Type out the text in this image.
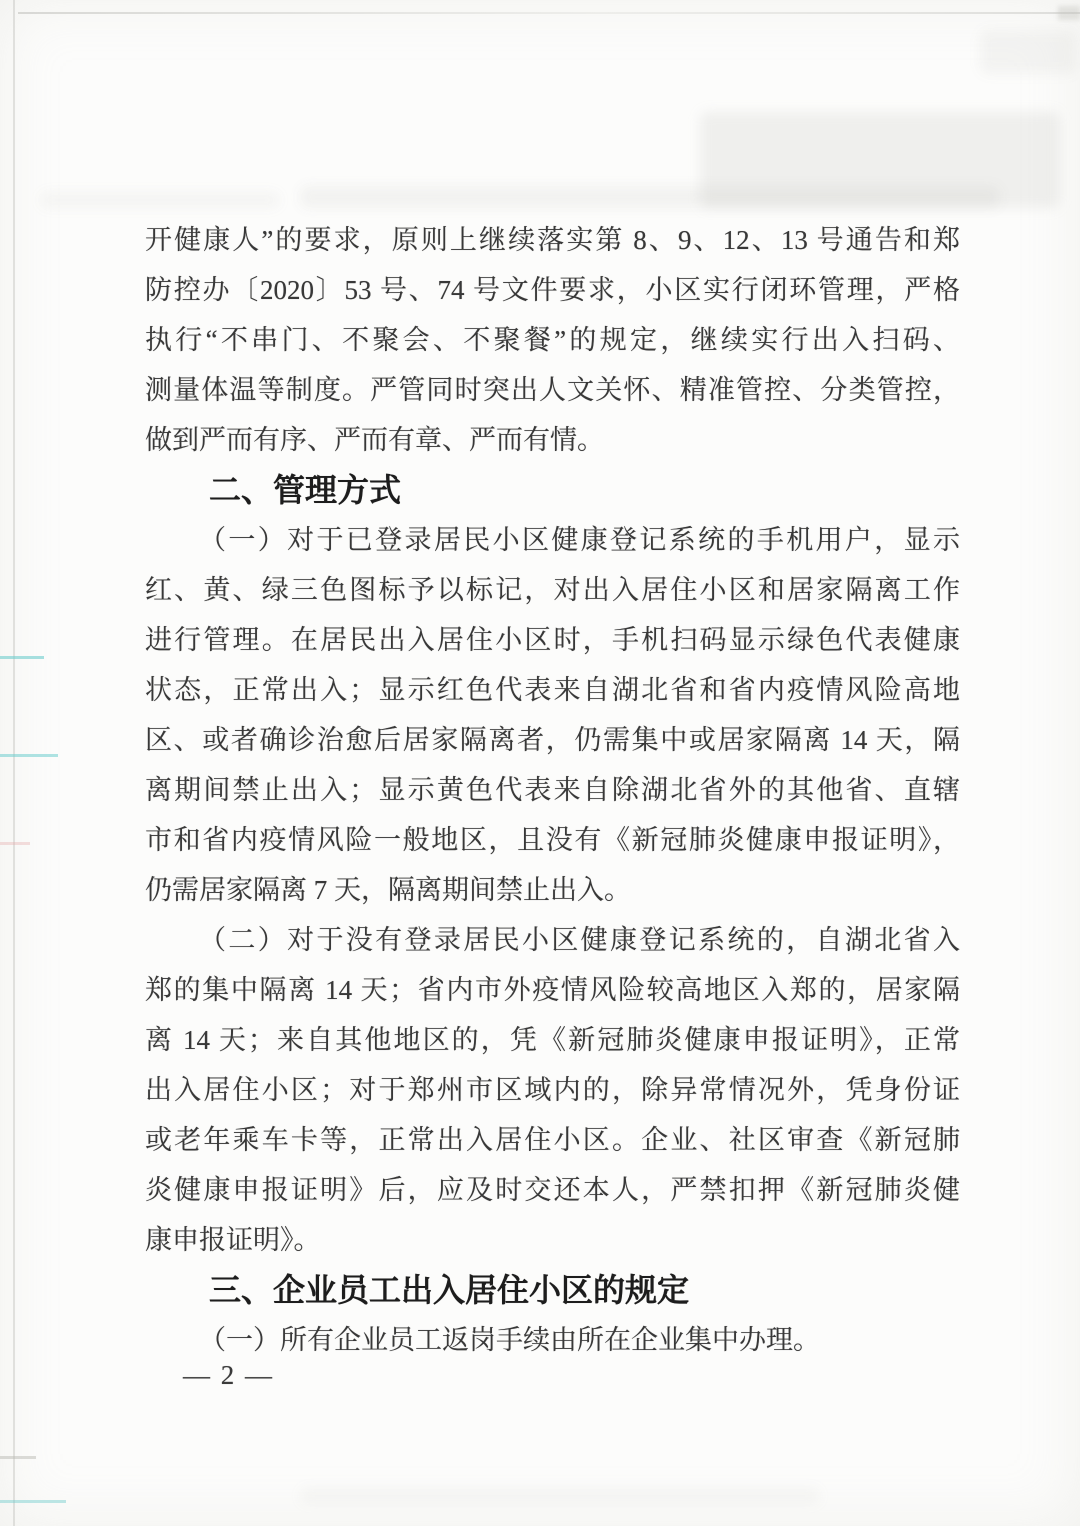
开健康人”的要求，原则上继续落实第 8、9、12、13 号通告和郑
防控办〔2020〕53 号、74 号文件要求，小区实行闭环管理，严格
执行“不串门、不聚会、不聚餐”的规定，继续实行出入扫码、
测量体温等制度。严管同时突出人文关怀、精准管控、分类管控，
做到严而有序、严而有章、严而有情。
二、管理方式
（一）对于已登录居民小区健康登记系统的手机用户，显示
红、黄、绿三色图标予以标记，对出入居住小区和居家隔离工作
进行管理。在居民出入居住小区时，手机扫码显示绿色代表健康
状态，正常出入；显示红色代表来自湖北省和省内疫情风险高地
区、或者确诊治愈后居家隔离者，仍需集中或居家隔离 14 天，隔
离期间禁止出入；显示黄色代表来自除湖北省外的其他省、直辖
市和省内疫情风险一般地区，且没有《新冠肺炎健康申报证明》，
仍需居家隔离 7 天，隔离期间禁止出入。
（二）对于没有登录居民小区健康登记系统的，自湖北省入
郑的集中隔离 14 天；省内市外疫情风险较高地区入郑的，居家隔
离 14 天；来自其他地区的，凭《新冠肺炎健康申报证明》，正常
出入居住小区；对于郑州市区域内的，除异常情况外，凭身份证
或老年乘车卡等，正常出入居住小区。企业、社区审查《新冠肺
炎健康申报证明》后，应及时交还本人，严禁扣押《新冠肺炎健
康申报证明》。
三、企业员工出入居住小区的规定
（一）所有企业员工返岗手续由所在企业集中办理。
— 2 —
